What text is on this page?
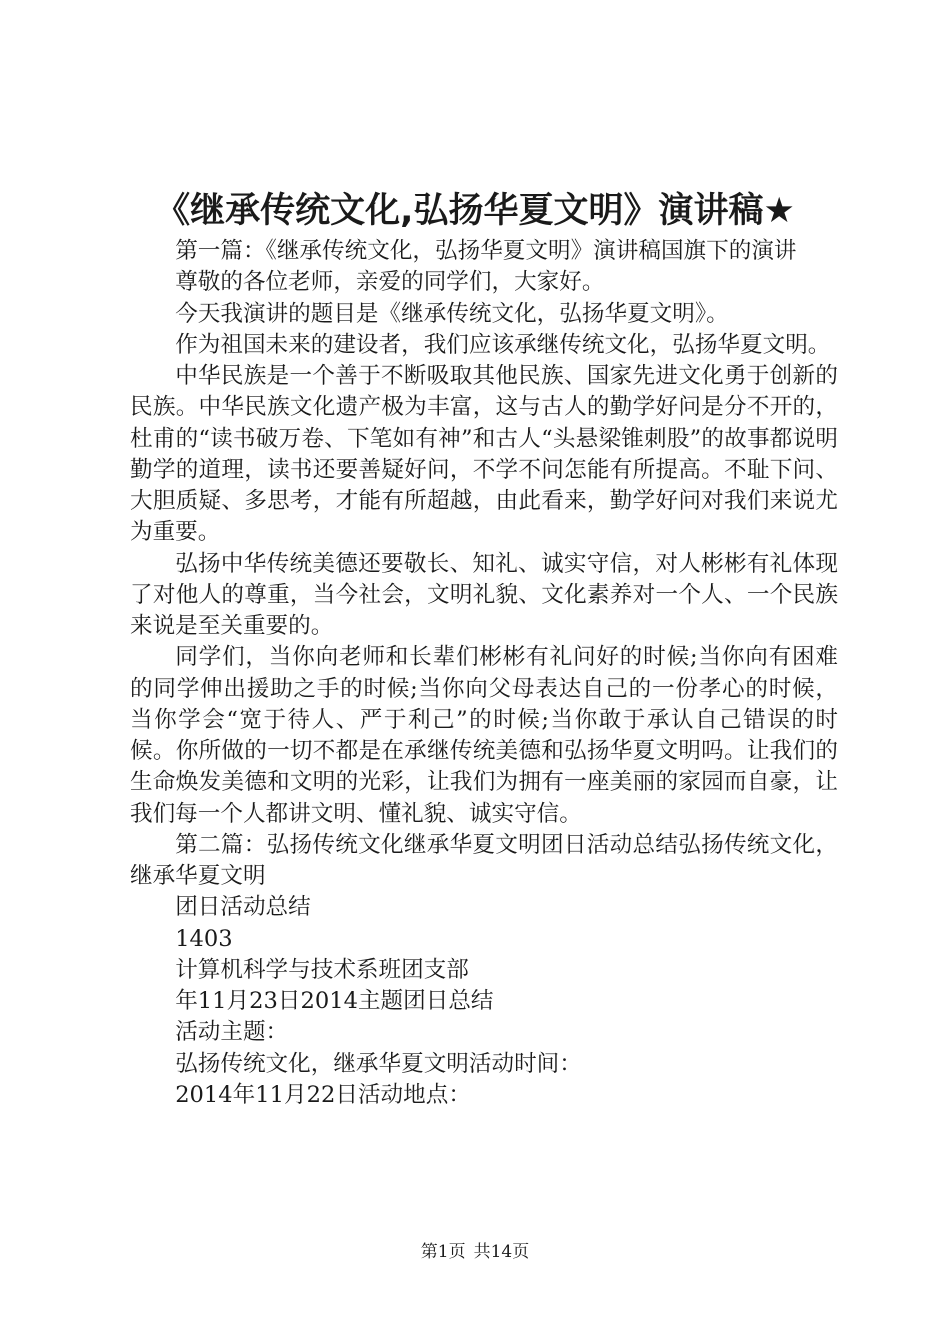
《继承传统文化,弘扬华夏文明》演讲稿★

第一篇：《继承传统文化，弘扬华夏文明》演讲稿国旗下的演讲

尊敬的各位老师，亲爱的同学们，大家好。

今天我演讲的题目是《继承传统文化，弘扬华夏文明》。

作为祖国未来的建设者，我们应该承继传统文化，弘扬华夏文明。

中华民族是一个善于不断吸取其他民族、国家先进文化勇于创新的民族。中华民族文化遗产极为丰富，这与古人的勤学好问是分不开的，杜甫的“读书破万卷、下笔如有神”和古人“头悬梁锥刺股”的故事都说明勤学的道理，读书还要善疑好问，不学不问怎能有所提高。不耻下问、大胆质疑、多思考，才能有所超越，由此看来，勤学好问对我们来说尤为重要。

弘扬中华传统美德还要敬长、知礼、诚实守信，对人彬彬有礼体现了对他人的尊重，当今社会，文明礼貌、文化素养对一个人、一个民族来说是至关重要的。

同学们，当你向老师和长辈们彬彬有礼问好的时候;当你向有困难的同学伸出援助之手的时候;当你向父母表达自己的一份孝心的时候，当你学会“宽于待人、严于利己”的时候;当你敢于承认自己错误的时候。你所做的一切不都是在承继传统美德和弘扬华夏文明吗。让我们的生命焕发美德和文明的光彩，让我们为拥有一座美丽的家园而自豪，让我们每一个人都讲文明、懂礼貌、诚实守信。

第二篇：弘扬传统文化继承华夏文明团日活动总结弘扬传统文化，继承华夏文明

团日活动总结

1403

计算机科学与技术系班团支部

年11月23日2014主题团日总结

活动主题：

弘扬传统文化，继承华夏文明活动时间：

2014年11月22日活动地点：

第1页 共14页
